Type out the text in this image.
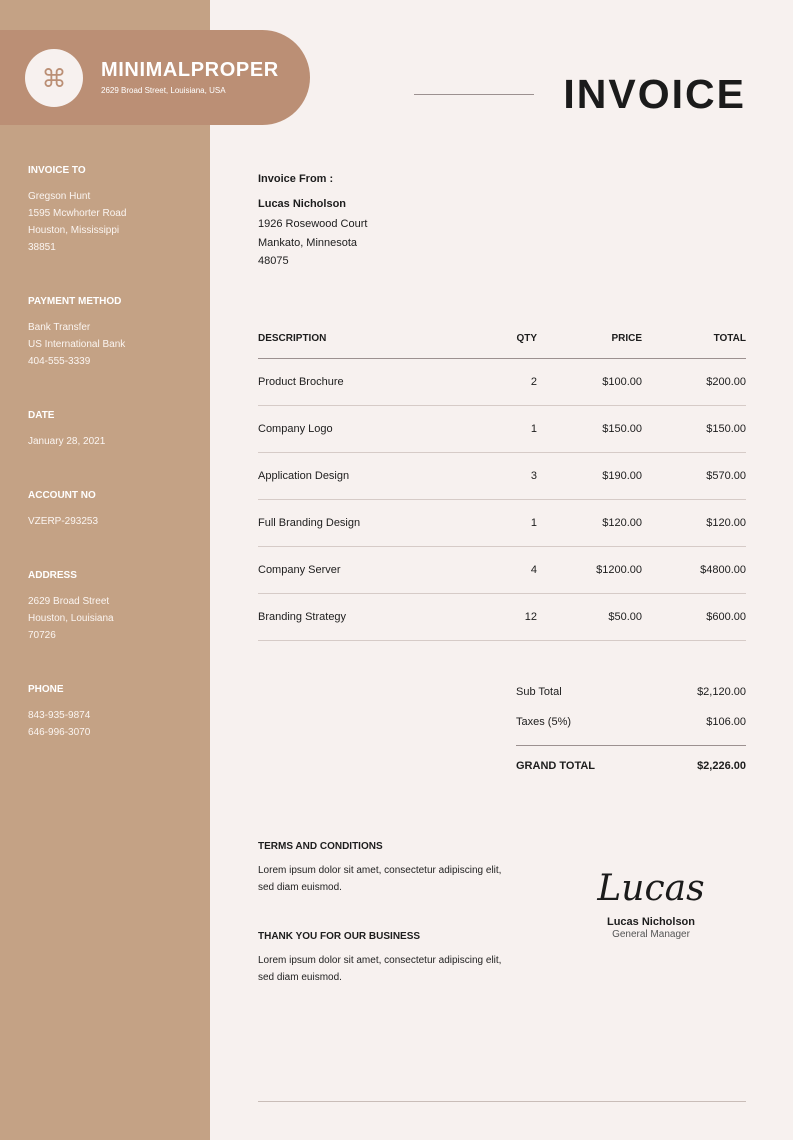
INVOICE TO
Gregson Hunt
1595 Mcwhorter Road
Houston, Mississippi
38851
PAYMENT METHOD
Bank Transfer
US International Bank
404-555-3339
DATE
January 28, 2021
ACCOUNT NO
VZERP-293253
ADDRESS
2629 Broad Street
Houston, Louisiana
70726
PHONE
843-935-9874
646-996-3070
⌘	MINIMALPROPER
2629 Broad Street, Louisiana, USA	INVOICE
Invoice From :
Lucas Nicholson
1926 Rosewood Court
Mankato, Minnesota
48075
DESCRIPTION	QTY	PRICE	TOTAL
Product Brochure	2	$100.00	$200.00
Company Logo	1	$150.00	$150.00
Application Design	3	$190.00	$570.00
Full Branding Design	1	$120.00	$120.00
Company Server	4	$1200.00	$4800.00
Branding Strategy	12	$50.00	$600.00
Sub Total	$2,120.00
Taxes (5%)	$106.00
GRAND TOTAL	$2,226.00
TERMS AND CONDITIONS
Lorem ipsum dolor sit amet, consectetur adipiscing elit, sed diam euismod.
THANK YOU FOR OUR BUSINESS
Lorem ipsum dolor sit amet, consectetur adipiscing elit, sed diam euismod.
Lucas
Lucas Nicholson
General Manager
